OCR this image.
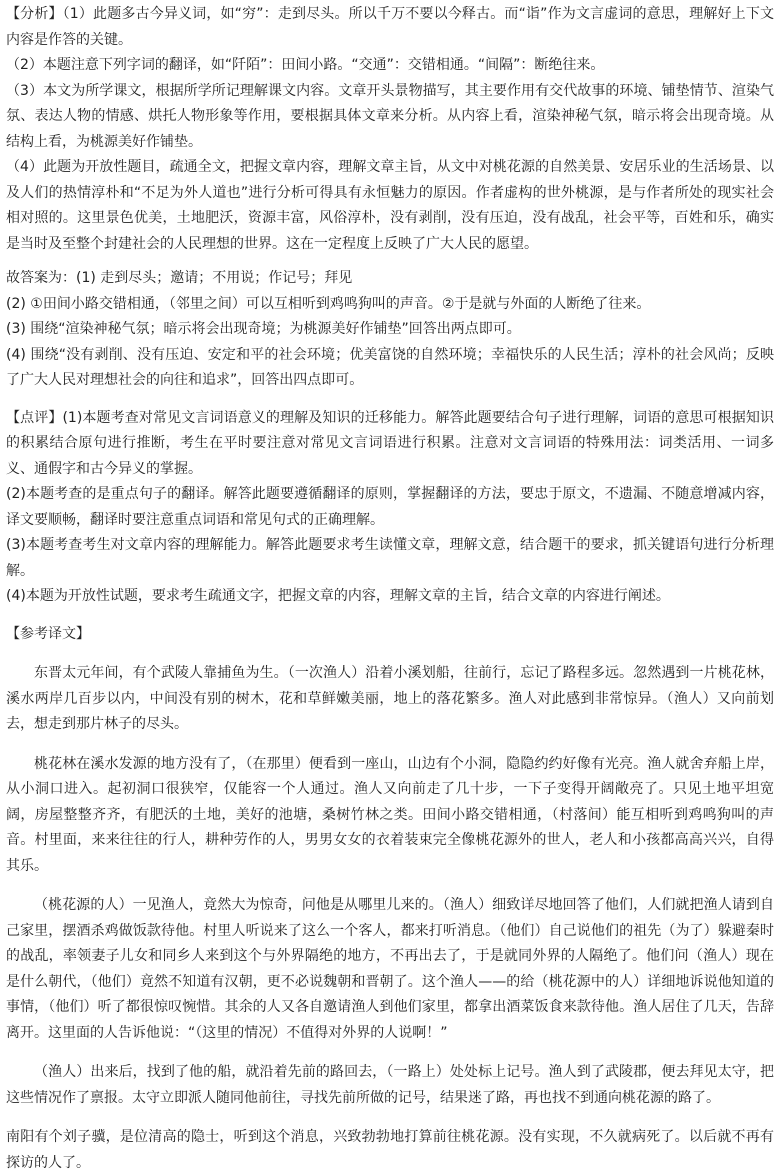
【分析】（1）此题多古今异义词，如“穷”：走到尽头。所以千万不要以今释古。而“诣”作为文言虚词的意思，理解好上下文内容是作答的关键。

（2）本题注意下列字词的翻译，如“阡陌”：田间小路。“交通”：交错相通。“间隔”：断绝往来。

（3）本文为所学课文，根据所学所记理解课文内容。文章开头景物描写，其主要作用有交代故事的环境、铺垫情节、渲染气氛、表达人物的情感、烘托人物形象等作用，要根据具体文章来分析。从内容上看，渲染神秘气氛，暗示将会出现奇境。从结构上看，为桃源美好作铺垫。

（4）此题为开放性题目，疏通全文，把握文章内容，理解文章主旨，从文中对桃花源的自然美景、安居乐业的生活场景、以及人们的热情淳朴和“不足为外人道也”进行分析可得具有永恒魅力的原因。作者虚构的世外桃源，是与作者所处的现实社会相对照的。这里景色优美，土地肥沃，资源丰富，风俗淳朴，没有剥削，没有压迫，没有战乱，社会平等，百姓和乐，确实是当时及至整个封建社会的人民理想的世界。这在一定程度上反映了广大人民的愿望。

故答案为：(1) 走到尽头；邀请；不用说；作记号；拜见

(2) ①田间小路交错相通，（邻里之间）可以互相听到鸡鸣狗叫的声音。②于是就与外面的人断绝了往来。

(3) 围绕“渲染神秘气氛；暗示将会出现奇境；为桃源美好作铺垫”回答出两点即可。

(4) 围绕“没有剥削、没有压迫、安定和平的社会环境；优美富饶的自然环境；幸福快乐的人民生活；淳朴的社会风尚；反映了广大人民对理想社会的向往和追求”，回答出四点即可。

【点评】(1)本题考查对常见文言词语意义的理解及知识的迁移能力。解答此题要结合句子进行理解，词语的意思可根据知识的积累结合原句进行推断，考生在平时要注意对常见文言词语进行积累。注意对文言词语的特殊用法：词类活用、一词多义、通假字和古今异义的掌握。

(2)本题考查的是重点句子的翻译。解答此题要遵循翻译的原则，掌握翻译的方法，要忠于原文，不遗漏、不随意增减内容，译文要顺畅，翻译时要注意重点词语和常见句式的正确理解。

(3)本题考查考生对文章内容的理解能力。解答此题要求考生读懂文章，理解文意，结合题干的要求，抓关键语句进行分析理解。

(4)本题为开放性试题，要求考生疏通文字，把握文章的内容，理解文章的主旨，结合文章的内容进行阐述。

【参考译文】

东晋太元年间，有个武陵人靠捕鱼为生。（一次渔人）沿着小溪划船，往前行，忘记了路程多远。忽然遇到一片桃花林，溪水两岸几百步以内，中间没有别的树木，花和草鲜嫩美丽，地上的落花繁多。渔人对此感到非常惊异。（渔人）又向前划去，想走到那片林子的尽头。

桃花林在溪水发源的地方没有了，（在那里）便看到一座山，山边有个小洞，隐隐约约好像有光亮。渔人就舍弃船上岸，从小洞口进入。起初洞口很狭窄，仅能容一个人通过。渔人又向前走了几十步，一下子变得开阔敞亮了。只见土地平坦宽阔，房屋整整齐齐，有肥沃的土地，美好的池塘，桑树竹林之类。田间小路交错相通，（村落间）能互相听到鸡鸣狗叫的声音。村里面，来来往往的行人，耕种劳作的人，男男女女的衣着装束完全像桃花源外的世人，老人和小孩都高高兴兴，自得其乐。

（桃花源的人）一见渔人，竟然大为惊奇，问他是从哪里儿来的。（渔人）细致详尽地回答了他们，人们就把渔人请到自己家里，摆酒杀鸡做饭款待他。村里人听说来了这么一个客人，都来打听消息。（他们）自己说他们的祖先（为了）躲避秦时的战乱，率领妻子儿女和同乡人来到这个与外界隔绝的地方，不再出去了，于是就同外界的人隔绝了。他们问（渔人）现在是什么朝代，（他们）竟然不知道有汉朝，更不必说魏朝和晋朝了。这个渔人——的给（桃花源中的人）详细地诉说他知道的事情，（他们）听了都很惊叹惋惜。其余的人又各自邀请渔人到他们家里，都拿出酒菜饭食来款待他。渔人居住了几天，告辞离开。这里面的人告诉他说：“（这里的情况）不值得对外界的人说啊！”

（渔人）出来后，找到了他的船，就沿着先前的路回去，（一路上）处处标上记号。渔人到了武陵郡，便去拜见太守，把这些情况作了禀报。太守立即派人随同他前往，寻找先前所做的记号，结果迷了路，再也找不到通向桃花源的路了。

南阳有个刘子骥，是位清高的隐士，听到这个消息，兴致勃勃地打算前往桃花源。没有实现，不久就病死了。以后就不再有探访的人了。
